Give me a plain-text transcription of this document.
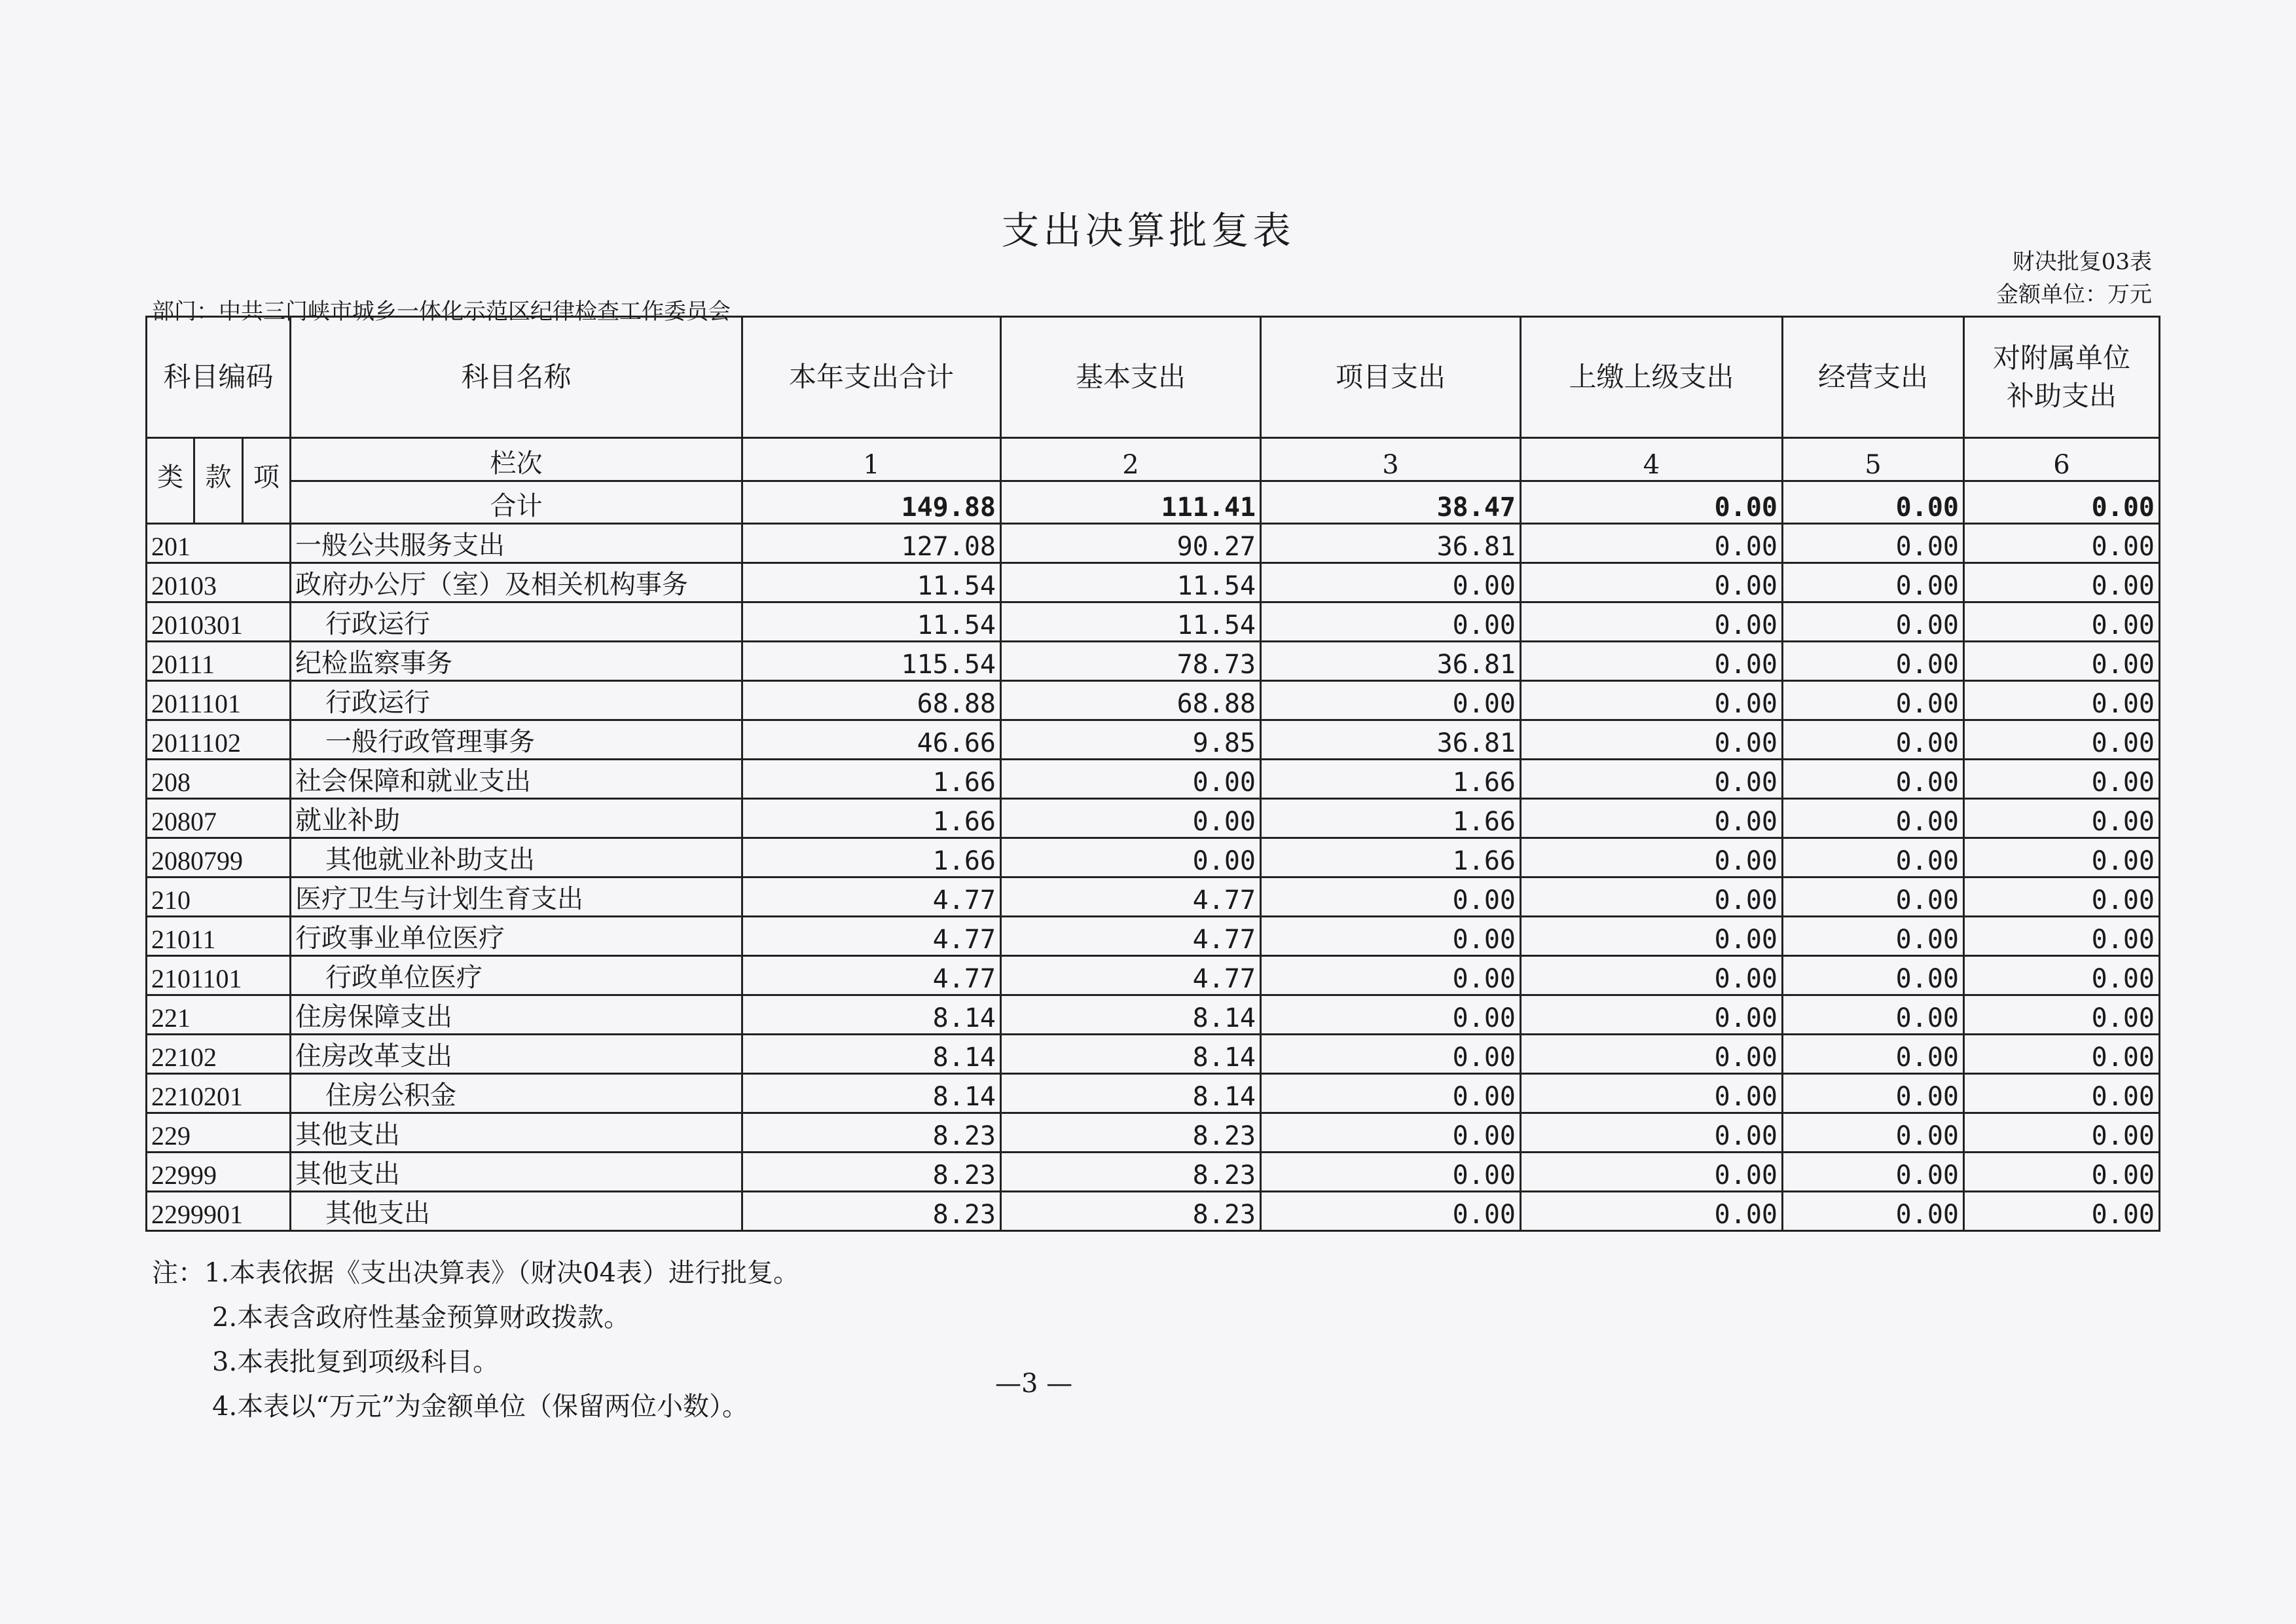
支出决算批复表
财决批复03表
金额单位：万元
部门：中共三门峡市城乡一体化示范区纪律检查工作委员会
科目编码	科目名称	本年支出合计	基本支出	项目支出	上缴上级支出	经营支出	对附属单位补助支出

类 款 项	栏次	1	2	3	4	5	6
	合计	149.88	111.41	38.47	0.00	0.00	0.00
201	一般公共服务支出	127.08	90.27	36.81	0.00	0.00	0.00
20103	政府办公厅（室）及相关机构事务	11.54	11.54	0.00	0.00	0.00	0.00
2010301	行政运行	11.54	11.54	0.00	0.00	0.00	0.00
20111	纪检监察事务	115.54	78.73	36.81	0.00	0.00	0.00
2011101	行政运行	68.88	68.88	0.00	0.00	0.00	0.00
2011102	一般行政管理事务	46.66	9.85	36.81	0.00	0.00	0.00
208	社会保障和就业支出	1.66	0.00	1.66	0.00	0.00	0.00
20807	就业补助	1.66	0.00	1.66	0.00	0.00	0.00
2080799	其他就业补助支出	1.66	0.00	1.66	0.00	0.00	0.00
210	医疗卫生与计划生育支出	4.77	4.77	0.00	0.00	0.00	0.00
21011	行政事业单位医疗	4.77	4.77	0.00	0.00	0.00	0.00
2101101	行政单位医疗	4.77	4.77	0.00	0.00	0.00	0.00
221	住房保障支出	8.14	8.14	0.00	0.00	0.00	0.00
22102	住房改革支出	8.14	8.14	0.00	0.00	0.00	0.00
2210201	住房公积金	8.14	8.14	0.00	0.00	0.00	0.00
229	其他支出	8.23	8.23	0.00	0.00	0.00	0.00
22999	其他支出	8.23	8.23	0.00	0.00	0.00	0.00
2299901	其他支出	8.23	8.23	0.00	0.00	0.00	0.00
注：1.本表依据《支出决算表》（财决04表）进行批复。
2.本表含政府性基金预算财政拨款。
3.本表批复到项级科目。
4.本表以“万元”为金额单位（保留两位小数）。
—3 —
